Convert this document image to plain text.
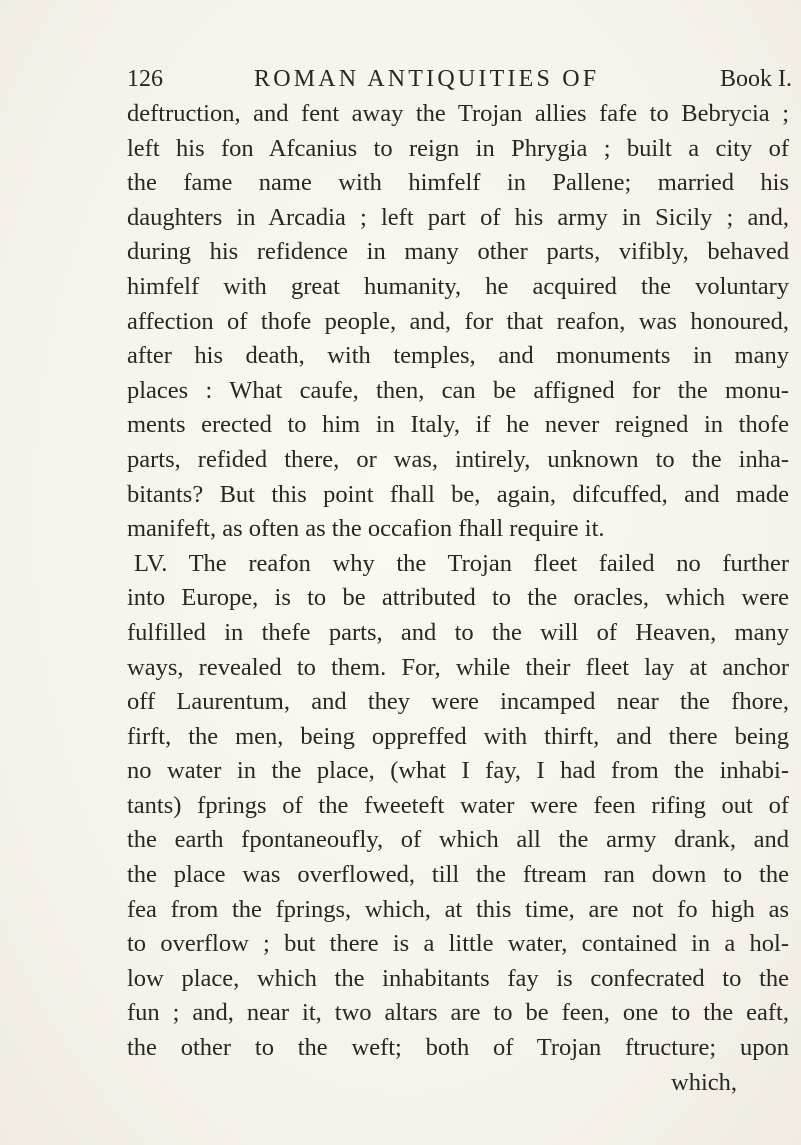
126	ROMAN ANTIQUITIES OF	Book I.
deftruction, and fent away the Trojan allies fafe to Bebrycia ;
left his fon Afcanius to reign in Phrygia ; built a city of
the fame name with himfelf in Pallene; married his
daughters in Arcadia ; left part of his army in Sicily ; and,
during his refidence in many other parts, vifibly, behaved
himfelf with great humanity, he acquired the voluntary
affection of thofe people, and, for that reafon, was honoured,
after his death, with temples, and monuments in many
places : What caufe, then, can be affigned for the monu-
ments erected to him in Italy, if he never reigned in thofe
parts, refided there, or was, intirely, unknown to the inha-
bitants? But this point fhall be, again, difcuffed, and made
manifeft, as often as the occafion fhall require it.
LV. The reafon why the Trojan fleet failed no further
into Europe, is to be attributed to the oracles, which were
fulfilled in thefe parts, and to the will of Heaven, many
ways, revealed to them. For, while their fleet lay at anchor
off Laurentum, and they were incamped near the fhore,
firft, the men, being oppreffed with thirft, and there being
no water in the place, (what I fay, I had from the inhabi-
tants) fprings of the fweeteft water were feen rifing out of
the earth fpontaneoufly, of which all the army drank, and
the place was overflowed, till the ftream ran down to the
fea from the fprings, which, at this time, are not fo high as
to overflow ; but there is a little water, contained in a hol-
low place, which the inhabitants fay is confecrated to the
fun ; and, near it, two altars are to be feen, one to the eaft,
the other to the weft; both of Trojan ftructure; upon
which,
